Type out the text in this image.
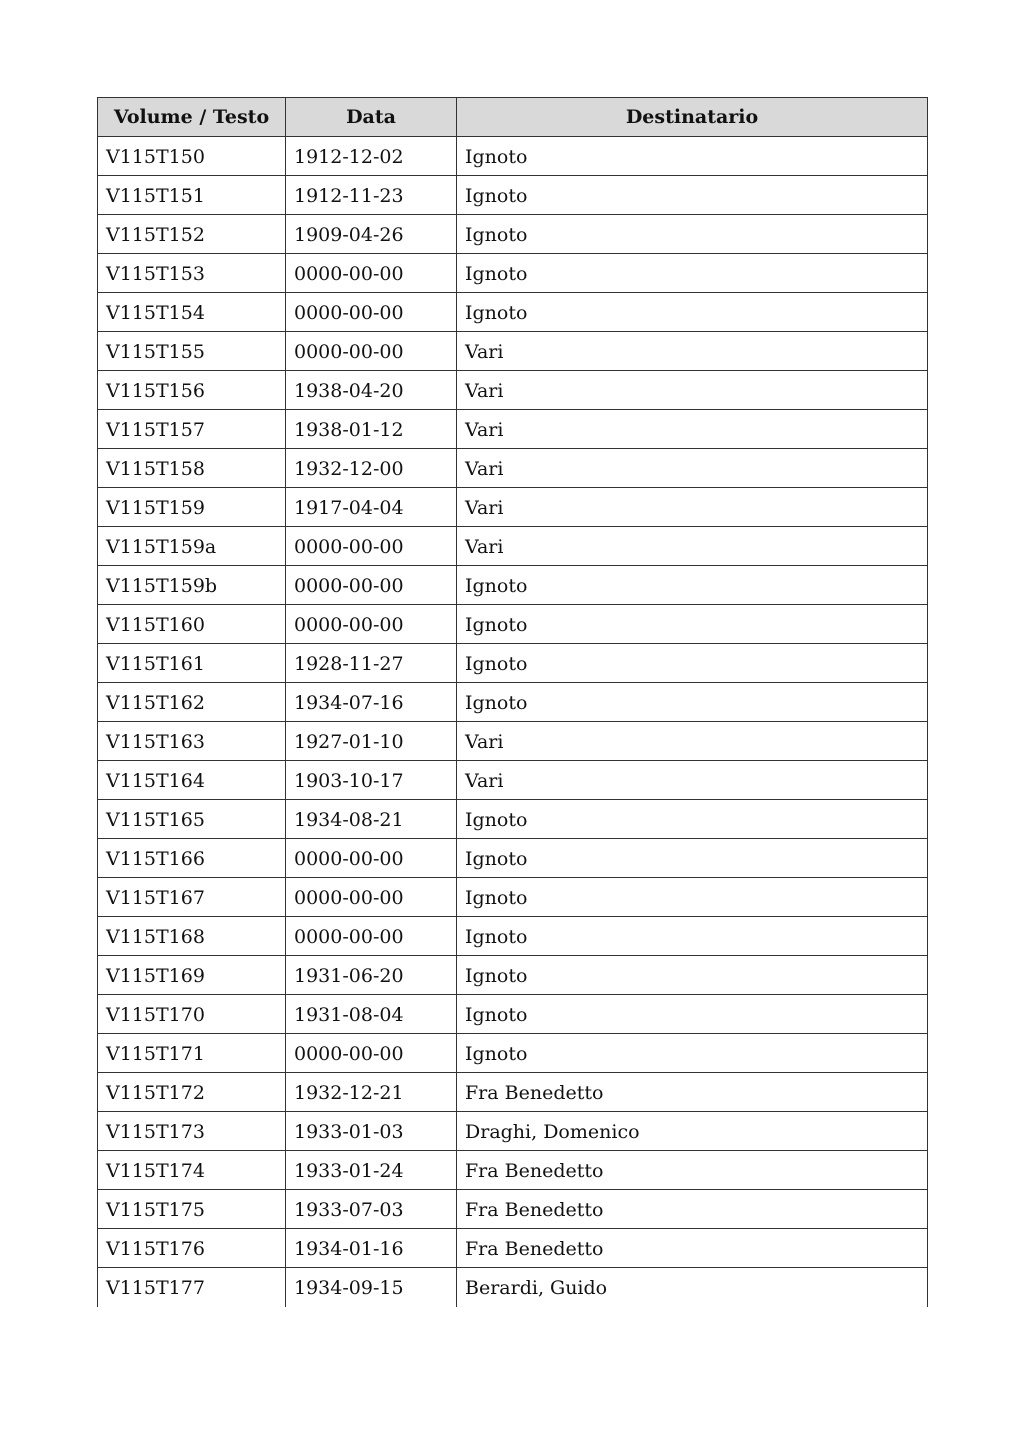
Volume / Testo	Data	Destinatario
V115T150	1912-12-02	Ignoto
V115T151	1912-11-23	Ignoto
V115T152	1909-04-26	Ignoto
V115T153	0000-00-00	Ignoto
V115T154	0000-00-00	Ignoto
V115T155	0000-00-00	Vari
V115T156	1938-04-20	Vari
V115T157	1938-01-12	Vari
V115T158	1932-12-00	Vari
V115T159	1917-04-04	Vari
V115T159a	0000-00-00	Vari
V115T159b	0000-00-00	Ignoto
V115T160	0000-00-00	Ignoto
V115T161	1928-11-27	Ignoto
V115T162	1934-07-16	Ignoto
V115T163	1927-01-10	Vari
V115T164	1903-10-17	Vari
V115T165	1934-08-21	Ignoto
V115T166	0000-00-00	Ignoto
V115T167	0000-00-00	Ignoto
V115T168	0000-00-00	Ignoto
V115T169	1931-06-20	Ignoto
V115T170	1931-08-04	Ignoto
V115T171	0000-00-00	Ignoto
V115T172	1932-12-21	Fra Benedetto
V115T173	1933-01-03	Draghi, Domenico
V115T174	1933-01-24	Fra Benedetto
V115T175	1933-07-03	Fra Benedetto
V115T176	1934-01-16	Fra Benedetto
V115T177	1934-09-15	Berardi, Guido
